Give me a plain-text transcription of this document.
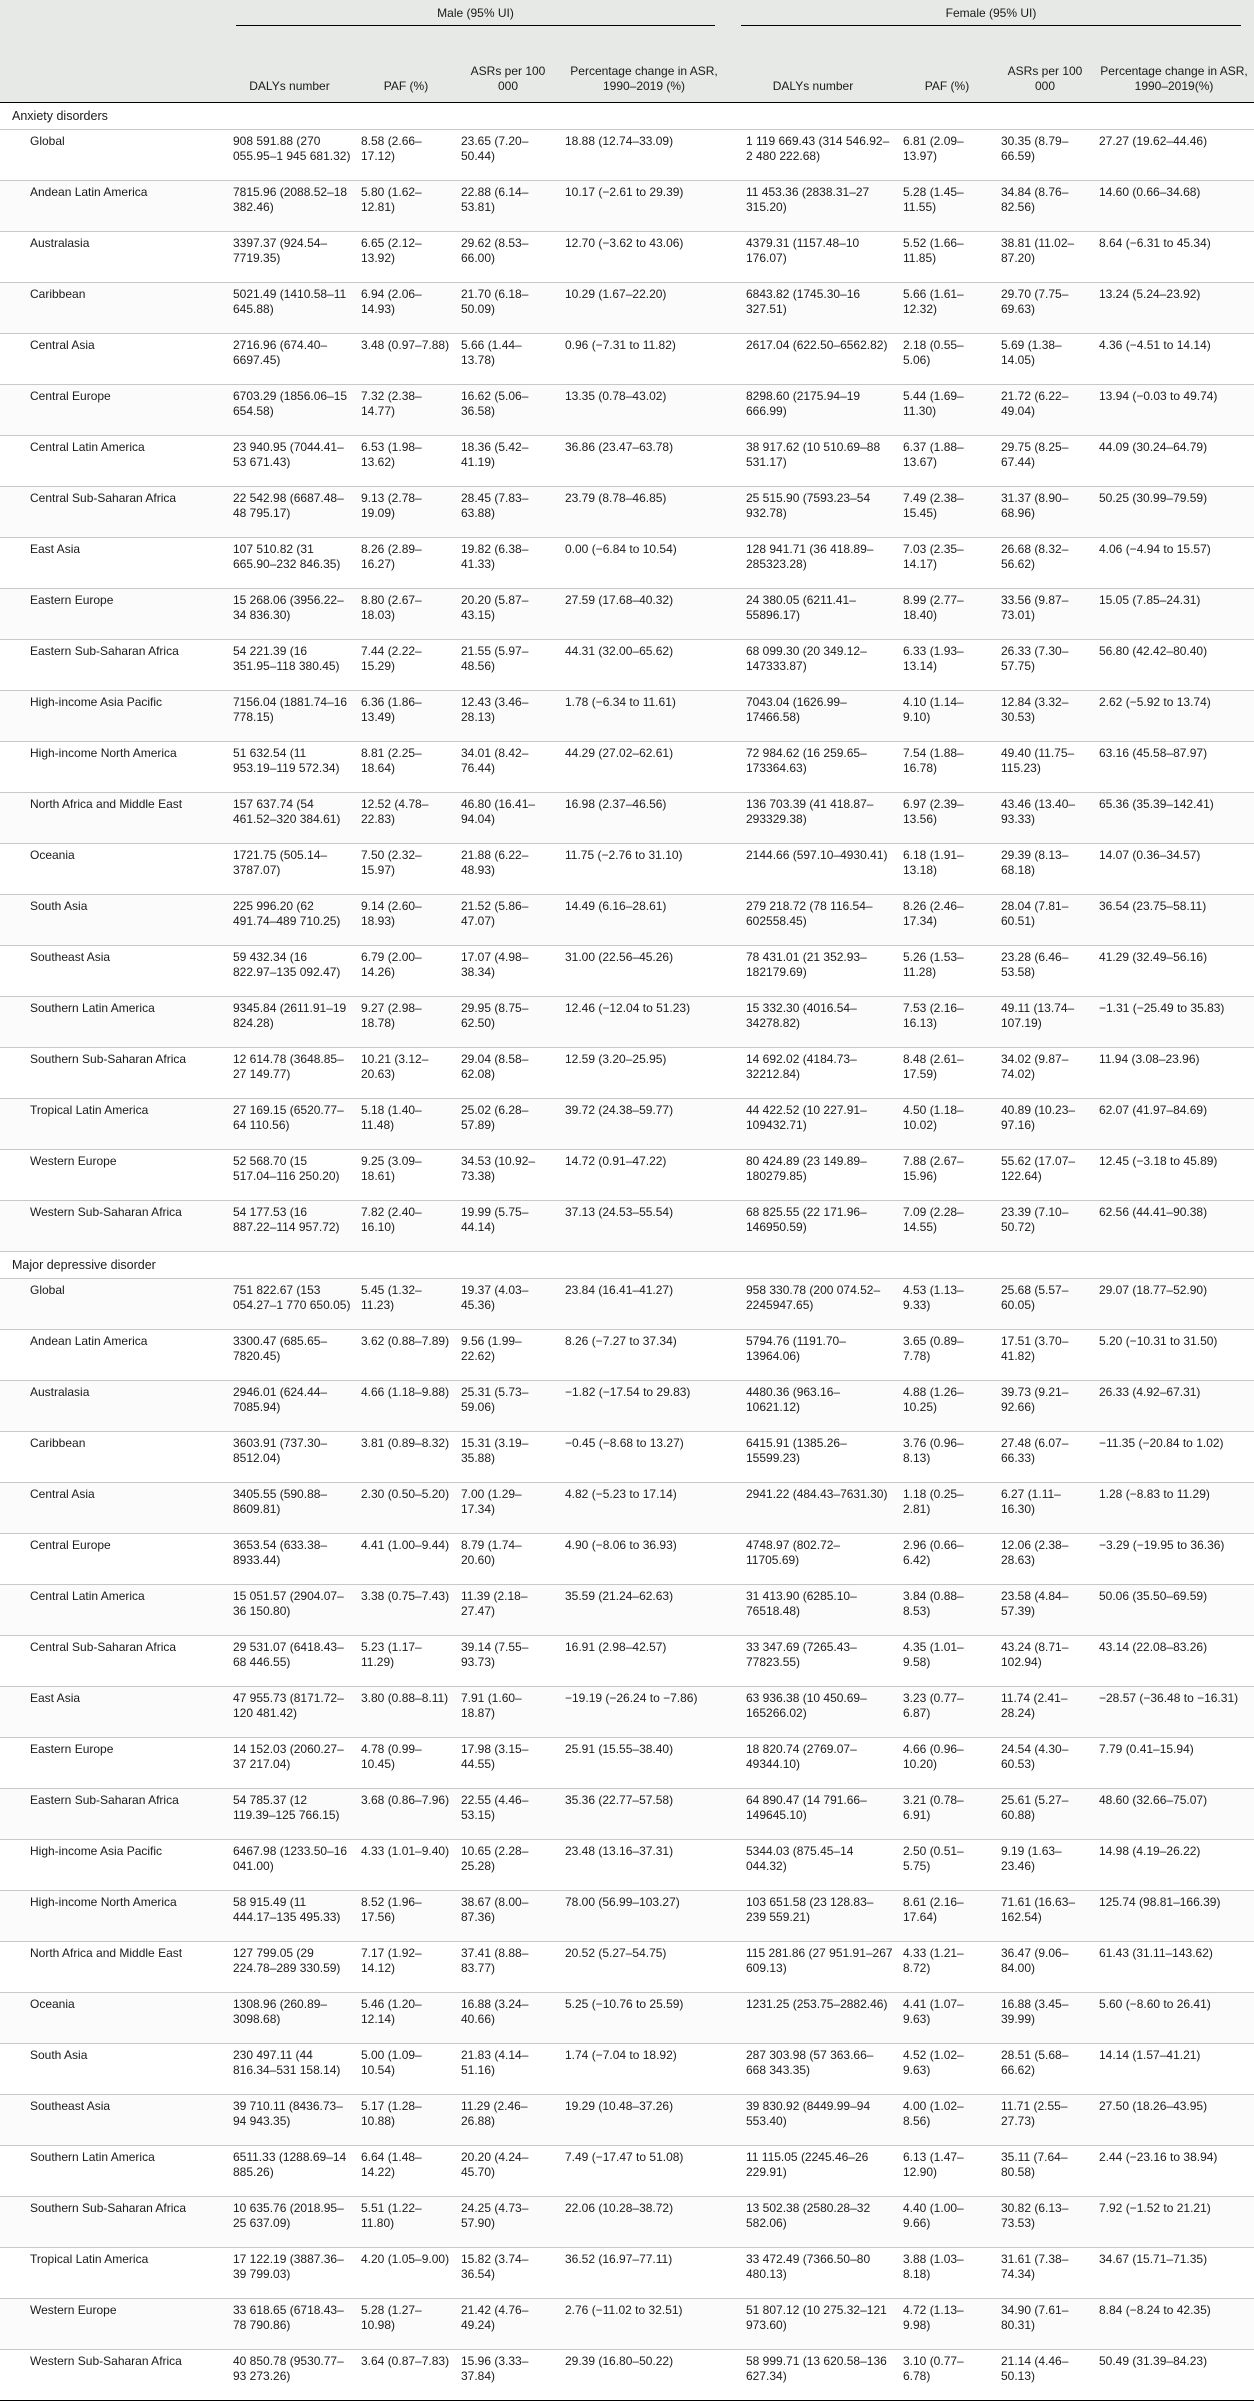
	Male (95% UI)				Female (95% UI)			

	DALYs number	PAF (%)	ASRs per 100 000	Percentage change in ASR, 1990–2019 (%)	DALYs number	PAF (%)	ASRs per 100 000	Percentage change in ASR, 1990–2019(%)
Anxiety disorders								
Global	908 591.88 (270 055.95–1 945 681.32)	8.58 (2.66–17.12)	23.65 (7.20–50.44)	18.88 (12.74–33.09)	1 119 669.43 (314 546.92–2 480 222.68)	6.81 (2.09–13.97)	30.35 (8.79–66.59)	27.27 (19.62–44.46)
Andean Latin America	7815.96 (2088.52–18 382.46)	5.80 (1.62–12.81)	22.88 (6.14–53.81)	10.17 (−2.61 to 29.39)	11 453.36 (2838.31–27 315.20)	5.28 (1.45–11.55)	34.84 (8.76–82.56)	14.60 (0.66–34.68)
Australasia	3397.37 (924.54–7719.35)	6.65 (2.12–13.92)	29.62 (8.53–66.00)	12.70 (−3.62 to 43.06)	4379.31 (1157.48–10 176.07)	5.52 (1.66–11.85)	38.81 (11.02–87.20)	8.64 (−6.31 to 45.34)
Caribbean	5021.49 (1410.58–11 645.88)	6.94 (2.06–14.93)	21.70 (6.18–50.09)	10.29 (1.67–22.20)	6843.82 (1745.30–16 327.51)	5.66 (1.61–12.32)	29.70 (7.75–69.63)	13.24 (5.24–23.92)
Central Asia	2716.96 (674.40–6697.45)	3.48 (0.97–7.88)	5.66 (1.44–13.78)	0.96 (−7.31 to 11.82)	2617.04 (622.50–6562.82)	2.18 (0.55–5.06)	5.69 (1.38–14.05)	4.36 (−4.51 to 14.14)
Central Europe	6703.29 (1856.06–15 654.58)	7.32 (2.38–14.77)	16.62 (5.06–36.58)	13.35 (0.78–43.02)	8298.60 (2175.94–19 666.99)	5.44 (1.69–11.30)	21.72 (6.22–49.04)	13.94 (−0.03 to 49.74)
Central Latin America	23 940.95 (7044.41–53 671.43)	6.53 (1.98–13.62)	18.36 (5.42–41.19)	36.86 (23.47–63.78)	38 917.62 (10 510.69–88 531.17)	6.37 (1.88–13.67)	29.75 (8.25–67.44)	44.09 (30.24–64.79)
Central Sub-Saharan Africa	22 542.98 (6687.48–48 795.17)	9.13 (2.78–19.09)	28.45 (7.83–63.88)	23.79 (8.78–46.85)	25 515.90 (7593.23–54 932.78)	7.49 (2.38–15.45)	31.37 (8.90–68.96)	50.25 (30.99–79.59)
East Asia	107 510.82 (31 665.90–232 846.35)	8.26 (2.89–16.27)	19.82 (6.38–41.33)	0.00 (−6.84 to 10.54)	128 941.71 (36 418.89–285323.28)	7.03 (2.35–14.17)	26.68 (8.32–56.62)	4.06 (−4.94 to 15.57)
Eastern Europe	15 268.06 (3956.22–34 836.30)	8.80 (2.67–18.03)	20.20 (5.87–43.15)	27.59 (17.68–40.32)	24 380.05 (6211.41–55896.17)	8.99 (2.77–18.40)	33.56 (9.87–73.01)	15.05 (7.85–24.31)
Eastern Sub-Saharan Africa	54 221.39 (16 351.95–118 380.45)	7.44 (2.22–15.29)	21.55 (5.97–48.56)	44.31 (32.00–65.62)	68 099.30 (20 349.12–147333.87)	6.33 (1.93–13.14)	26.33 (7.30–57.75)	56.80 (42.42–80.40)
High-income Asia Pacific	7156.04 (1881.74–16 778.15)	6.36 (1.86–13.49)	12.43 (3.46–28.13)	1.78 (−6.34 to 11.61)	7043.04 (1626.99–17466.58)	4.10 (1.14–9.10)	12.84 (3.32–30.53)	2.62 (−5.92 to 13.74)
High-income North America	51 632.54 (11 953.19–119 572.34)	8.81 (2.25–18.64)	34.01 (8.42–76.44)	44.29 (27.02–62.61)	72 984.62 (16 259.65–173364.63)	7.54 (1.88–16.78)	49.40 (11.75–115.23)	63.16 (45.58–87.97)
North Africa and Middle East	157 637.74 (54 461.52–320 384.61)	12.52 (4.78–22.83)	46.80 (16.41–94.04)	16.98 (2.37–46.56)	136 703.39 (41 418.87–293329.38)	6.97 (2.39–13.56)	43.46 (13.40–93.33)	65.36 (35.39–142.41)
Oceania	1721.75 (505.14–3787.07)	7.50 (2.32–15.97)	21.88 (6.22–48.93)	11.75 (−2.76 to 31.10)	2144.66 (597.10–4930.41)	6.18 (1.91–13.18)	29.39 (8.13–68.18)	14.07 (0.36–34.57)
South Asia	225 996.20 (62 491.74–489 710.25)	9.14 (2.60–18.93)	21.52 (5.86–47.07)	14.49 (6.16–28.61)	279 218.72 (78 116.54–602558.45)	8.26 (2.46–17.34)	28.04 (7.81–60.51)	36.54 (23.75–58.11)
Southeast Asia	59 432.34 (16 822.97–135 092.47)	6.79 (2.00–14.26)	17.07 (4.98–38.34)	31.00 (22.56–45.26)	78 431.01 (21 352.93–182179.69)	5.26 (1.53–11.28)	23.28 (6.46–53.58)	41.29 (32.49–56.16)
Southern Latin America	9345.84 (2611.91–19 824.28)	9.27 (2.98–18.78)	29.95 (8.75–62.50)	12.46 (−12.04 to 51.23)	15 332.30 (4016.54–34278.82)	7.53 (2.16–16.13)	49.11 (13.74–107.19)	−1.31 (−25.49 to 35.83)
Southern Sub-Saharan Africa	12 614.78 (3648.85–27 149.77)	10.21 (3.12–20.63)	29.04 (8.58–62.08)	12.59 (3.20–25.95)	14 692.02 (4184.73–32212.84)	8.48 (2.61–17.59)	34.02 (9.87–74.02)	11.94 (3.08–23.96)
Tropical Latin America	27 169.15 (6520.77–64 110.56)	5.18 (1.40–11.48)	25.02 (6.28–57.89)	39.72 (24.38–59.77)	44 422.52 (10 227.91–109432.71)	4.50 (1.18–10.02)	40.89 (10.23–97.16)	62.07 (41.97–84.69)
Western Europe	52 568.70 (15 517.04–116 250.20)	9.25 (3.09–18.61)	34.53 (10.92–73.38)	14.72 (0.91–47.22)	80 424.89 (23 149.89–180279.85)	7.88 (2.67–15.96)	55.62 (17.07–122.64)	12.45 (−3.18 to 45.89)
Western Sub-Saharan Africa	54 177.53 (16 887.22–114 957.72)	7.82 (2.40–16.10)	19.99 (5.75–44.14)	37.13 (24.53–55.54)	68 825.55 (22 171.96–146950.59)	7.09 (2.28–14.55)	23.39 (7.10–50.72)	62.56 (44.41–90.38)
Major depressive disorder								
Global	751 822.67 (153 054.27–1 770 650.05)	5.45 (1.32–11.23)	19.37 (4.03–45.36)	23.84 (16.41–41.27)	958 330.78 (200 074.52–2245947.65)	4.53 (1.13–9.33)	25.68 (5.57–60.05)	29.07 (18.77–52.90)
Andean Latin America	3300.47 (685.65–7820.45)	3.62 (0.88–7.89)	9.56 (1.99–22.62)	8.26 (−7.27 to 37.34)	5794.76 (1191.70–13964.06)	3.65 (0.89–7.78)	17.51 (3.70–41.82)	5.20 (−10.31 to 31.50)
Australasia	2946.01 (624.44–7085.94)	4.66 (1.18–9.88)	25.31 (5.73–59.06)	−1.82 (−17.54 to 29.83)	4480.36 (963.16–10621.12)	4.88 (1.26–10.25)	39.73 (9.21–92.66)	26.33 (4.92–67.31)
Caribbean	3603.91 (737.30–8512.04)	3.81 (0.89–8.32)	15.31 (3.19–35.88)	−0.45 (−8.68 to 13.27)	6415.91 (1385.26–15599.23)	3.76 (0.96–8.13)	27.48 (6.07–66.33)	−11.35 (−20.84 to 1.02)
Central Asia	3405.55 (590.88–8609.81)	2.30 (0.50–5.20)	7.00 (1.29–17.34)	4.82 (−5.23 to 17.14)	2941.22 (484.43–7631.30)	1.18 (0.25–2.81)	6.27 (1.11–16.30)	1.28 (−8.83 to 11.29)
Central Europe	3653.54 (633.38–8933.44)	4.41 (1.00–9.44)	8.79 (1.74–20.60)	4.90 (−8.06 to 36.93)	4748.97 (802.72–11705.69)	2.96 (0.66–6.42)	12.06 (2.38–28.63)	−3.29 (−19.95 to 36.36)
Central Latin America	15 051.57 (2904.07–36 150.80)	3.38 (0.75–7.43)	11.39 (2.18–27.47)	35.59 (21.24–62.63)	31 413.90 (6285.10–76518.48)	3.84 (0.88–8.53)	23.58 (4.84–57.39)	50.06 (35.50–69.59)
Central Sub-Saharan Africa	29 531.07 (6418.43–68 446.55)	5.23 (1.17–11.29)	39.14 (7.55–93.73)	16.91 (2.98–42.57)	33 347.69 (7265.43–77823.55)	4.35 (1.01–9.58)	43.24 (8.71–102.94)	43.14 (22.08–83.26)
East Asia	47 955.73 (8171.72–120 481.42)	3.80 (0.88–8.11)	7.91 (1.60–18.87)	−19.19 (−26.24 to −7.86)	63 936.38 (10 450.69–165266.02)	3.23 (0.77–6.87)	11.74 (2.41–28.24)	−28.57 (−36.48 to −16.31)
Eastern Europe	14 152.03 (2060.27–37 217.04)	4.78 (0.99–10.45)	17.98 (3.15–44.55)	25.91 (15.55–38.40)	18 820.74 (2769.07–49344.10)	4.66 (0.96–10.20)	24.54 (4.30–60.53)	7.79 (0.41–15.94)
Eastern Sub-Saharan Africa	54 785.37 (12 119.39–125 766.15)	3.68 (0.86–7.96)	22.55 (4.46–53.15)	35.36 (22.77–57.58)	64 890.47 (14 791.66–149645.10)	3.21 (0.78–6.91)	25.61 (5.27–60.88)	48.60 (32.66–75.07)
High-income Asia Pacific	6467.98 (1233.50–16 041.00)	4.33 (1.01–9.40)	10.65 (2.28–25.28)	23.48 (13.16–37.31)	5344.03 (875.45–14 044.32)	2.50 (0.51–5.75)	9.19 (1.63–23.46)	14.98 (4.19–26.22)
High-income North America	58 915.49 (11 444.17–135 495.33)	8.52 (1.96–17.56)	38.67 (8.00–87.36)	78.00 (56.99–103.27)	103 651.58 (23 128.83–239 559.21)	8.61 (2.16–17.64)	71.61 (16.63–162.54)	125.74 (98.81–166.39)
North Africa and Middle East	127 799.05 (29 224.78–289 330.59)	7.17 (1.92–14.12)	37.41 (8.88–83.77)	20.52 (5.27–54.75)	115 281.86 (27 951.91–267 609.13)	4.33 (1.21–8.72)	36.47 (9.06–84.00)	61.43 (31.11–143.62)
Oceania	1308.96 (260.89–3098.68)	5.46 (1.20–12.14)	16.88 (3.24–40.66)	5.25 (−10.76 to 25.59)	1231.25 (253.75–2882.46)	4.41 (1.07–9.63)	16.88 (3.45–39.99)	5.60 (−8.60 to 26.41)
South Asia	230 497.11 (44 816.34–531 158.14)	5.00 (1.09–10.54)	21.83 (4.14–51.16)	1.74 (−7.04 to 18.92)	287 303.98 (57 363.66–668 343.35)	4.52 (1.02–9.63)	28.51 (5.68–66.62)	14.14 (1.57–41.21)
Southeast Asia	39 710.11 (8436.73–94 943.35)	5.17 (1.28–10.88)	11.29 (2.46–26.88)	19.29 (10.48–37.26)	39 830.92 (8449.99–94 553.40)	4.00 (1.02–8.56)	11.71 (2.55–27.73)	27.50 (18.26–43.95)
Southern Latin America	6511.33 (1288.69–14 885.26)	6.64 (1.48–14.22)	20.20 (4.24–45.70)	7.49 (−17.47 to 51.08)	11 115.05 (2245.46–26 229.91)	6.13 (1.47–12.90)	35.11 (7.64–80.58)	2.44 (−23.16 to 38.94)
Southern Sub-Saharan Africa	10 635.76 (2018.95–25 637.09)	5.51 (1.22–11.80)	24.25 (4.73–57.90)	22.06 (10.28–38.72)	13 502.38 (2580.28–32 582.06)	4.40 (1.00–9.66)	30.82 (6.13–73.53)	7.92 (−1.52 to 21.21)
Tropical Latin America	17 122.19 (3887.36–39 799.03)	4.20 (1.05–9.00)	15.82 (3.74–36.54)	36.52 (16.97–77.11)	33 472.49 (7366.50–80 480.13)	3.88 (1.03–8.18)	31.61 (7.38–74.34)	34.67 (15.71–71.35)
Western Europe	33 618.65 (6718.43–78 790.86)	5.28 (1.27–10.98)	21.42 (4.76–49.24)	2.76 (−11.02 to 32.51)	51 807.12 (10 275.32–121 973.60)	4.72 (1.13–9.98)	34.90 (7.61–80.31)	8.84 (−8.24 to 42.35)
Western Sub-Saharan Africa	40 850.78 (9530.77–93 273.26)	3.64 (0.87–7.83)	15.96 (3.33–37.84)	29.39 (16.80–50.22)	58 999.71 (13 620.58–136 627.34)	3.10 (0.77–6.78)	21.14 (4.46–50.13)	50.49 (31.39–84.23)
